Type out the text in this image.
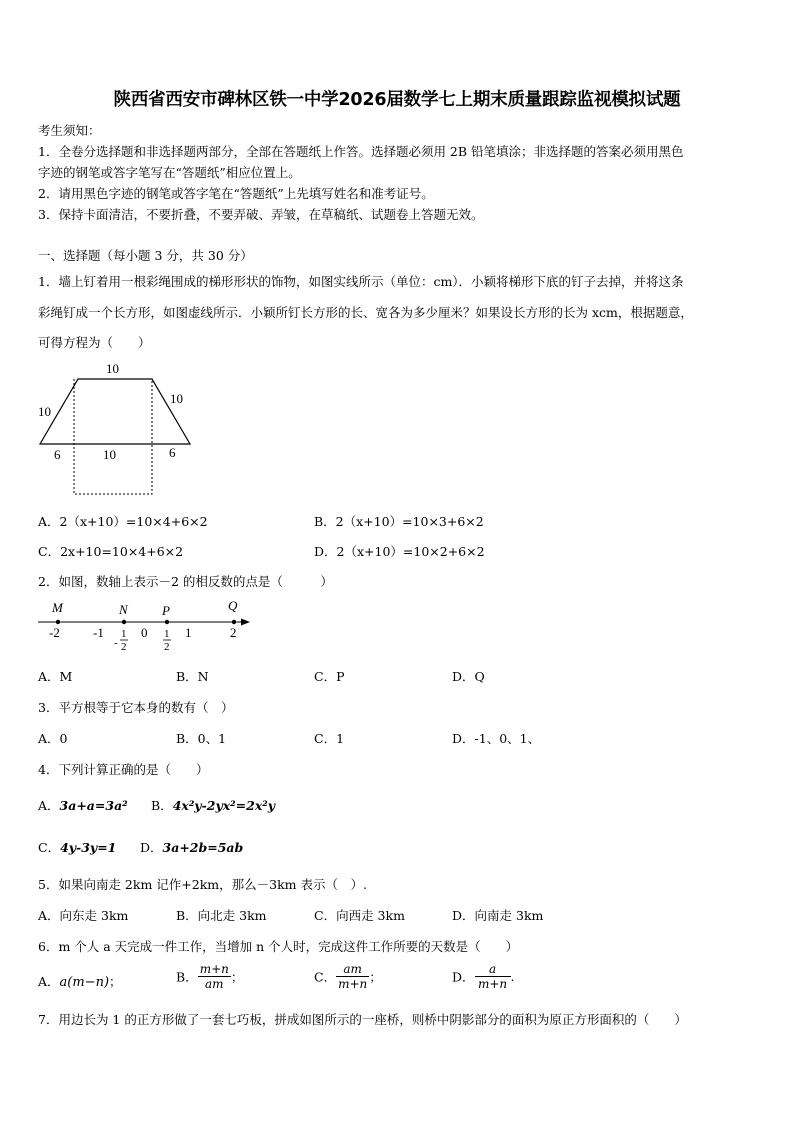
陕西省西安市碑林区铁一中学2026届数学七上期末质量跟踪监视模拟试题
考生须知：
1．全卷分选择题和非选择题两部分，全部在答题纸上作答。选择题必须用 2B 铅笔填涂；非选择题的答案必须用黑色
字迹的钢笔或答字笔写在“答题纸”相应位置上。
2．请用黑色字迹的钢笔或答字笔在“答题纸”上先填写姓名和准考证号。
3．保持卡面清洁，不要折叠，不要弄破、弄皱，在草稿纸、试题卷上答题无效。
一、选择题（每小题 3 分，共 30 分）
1．墙上钉着用一根彩绳围成的梯形形状的饰物，如图实线所示（单位：cm）．小颖将梯形下底的钉子去掉，并将这条
彩绳钉成一个长方形，如图虚线所示．小颖所钉长方形的长、宽各为多少厘米？如果设长方形的长为 xcm，根据题意，
可得方程为（　　）
10
10
10
6	10	6
A．2（x+10）=10×4+6×2	B．2（x+10）=10×3+6×2
C．2x+10=10×4+6×2	D．2（x+10）=10×2+6×2
2．如图，数轴上表示－2 的相反数的点是（　　　）
M	N	P	Q
-2	-1	0	1	2
-
1
2
1
2
A．M	B．N	C．P	D．Q
3．平方根等于它本身的数有（　）
A．0	B．0、1	C．1	D．-1、0、1、
4．下列计算正确的是（　　）
A．3a+a=3a² B．4x²y-2yx²=2x²y
C．4y-3y=1 D．3a+2b=5ab
5．如果向南走 2km 记作+2km，那么－3km 表示（　）.
A．向东走 3km	B．向北走 3km	C．向西走 3km	D．向南走 3km
6．m 个人 a 天完成一件工作，当增加 n 个人时，完成这件工作所要的天数是（　　）
A．a(m−n)；	B． $\frac{m+n}{am}$ ；	C． $\frac{am}{m+n}$ ；	D． $\frac{a}{m+n}$ .
7．用边长为 1 的正方形做了一套七巧板，拼成如图所示的一座桥，则桥中阴影部分的面积为原正方形面积的（　　）
